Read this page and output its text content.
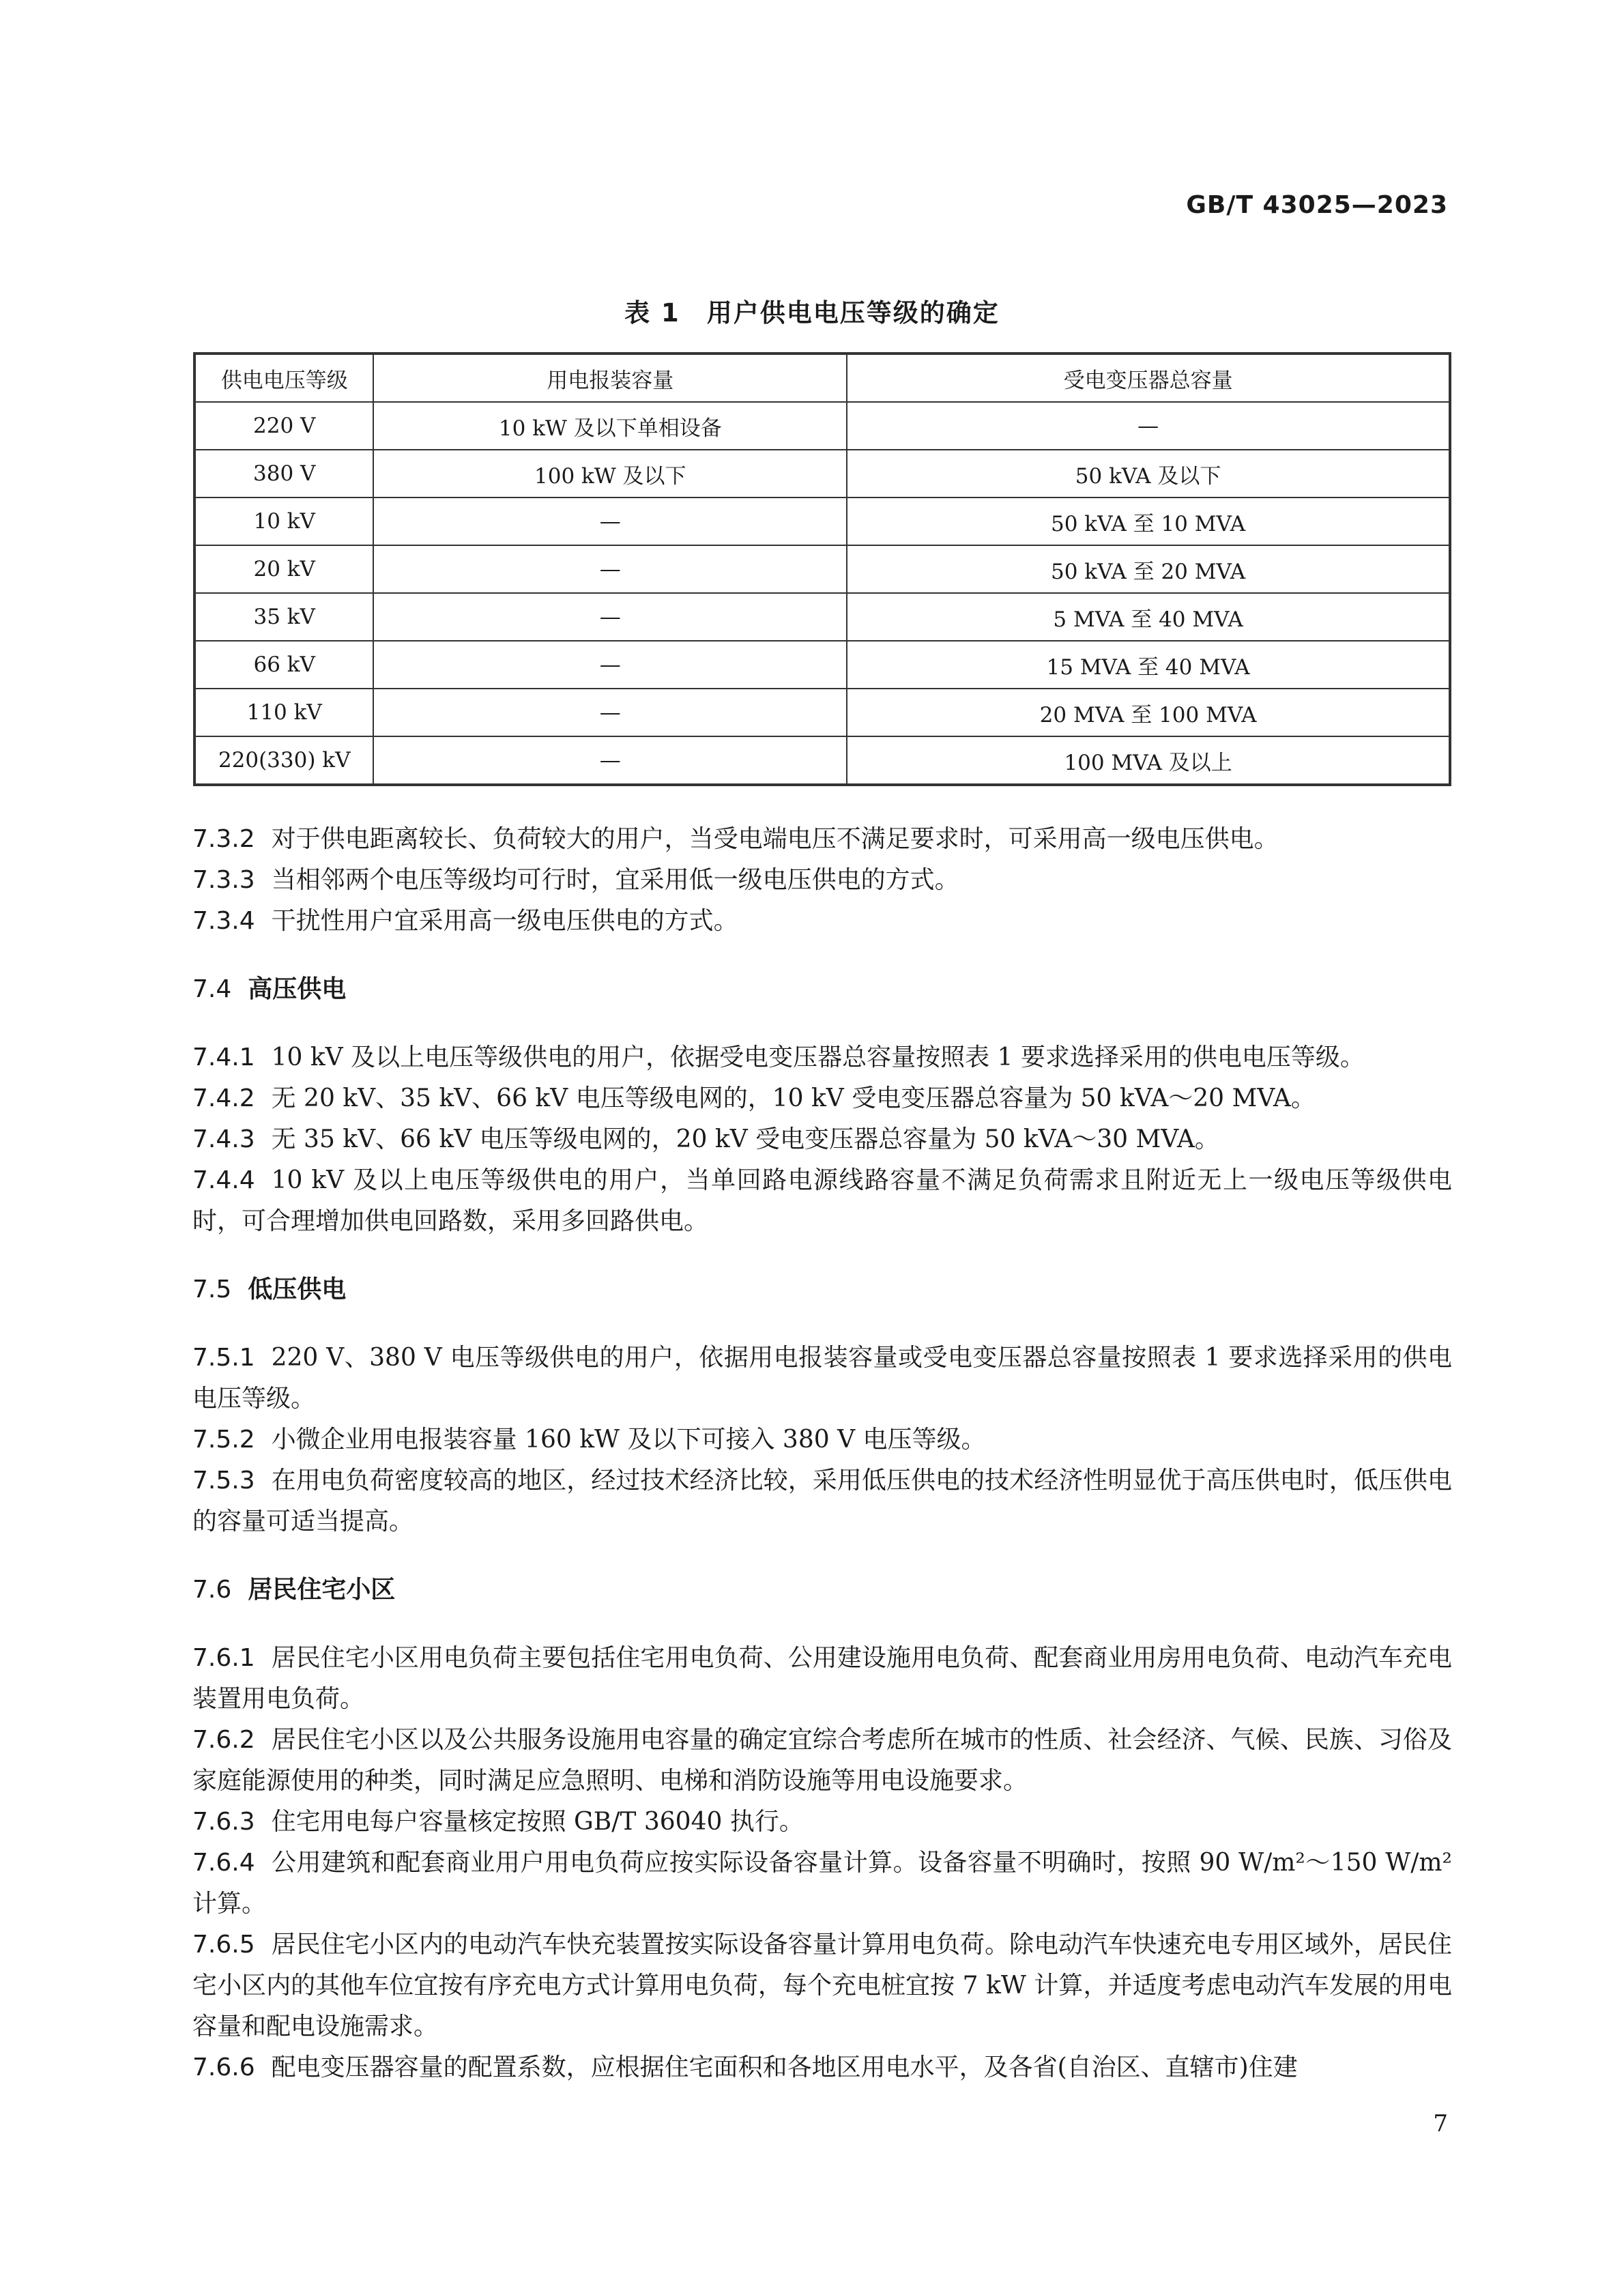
GB/T 43025—2023
表 1　用户供电电压等级的确定
供电电压等级	用电报装容量	受电变压器总容量
220 V	10 kW 及以下单相设备	—
380 V	100 kW 及以下	50 kVA 及以下
10 kV	—	50 kVA 至 10 MVA
20 kV	—	50 kVA 至 20 MVA
35 kV	—	5 MVA 至 40 MVA
66 kV	—	15 MVA 至 40 MVA
110 kV	—	20 MVA 至 100 MVA
220(330) kV	—	100 MVA 及以上

7.3.2 对于供电距离较长、负荷较大的用户，当受电端电压不满足要求时，可采用高一级电压供电。

7.3.3 当相邻两个电压等级均可行时，宜采用低一级电压供电的方式。

7.3.4 干扰性用户宜采用高一级电压供电的方式。

7.4 高压供电

7.4.1 10 kV 及以上电压等级供电的用户，依据受电变压器总容量按照表 1 要求选择采用的供电电压等级。

7.4.2 无 20 kV、35 kV、66 kV 电压等级电网的，10 kV 受电变压器总容量为 50 kVA～20 MVA。

7.4.3 无 35 kV、66 kV 电压等级电网的，20 kV 受电变压器总容量为 50 kVA～30 MVA。

7.4.4 10 kV 及以上电压等级供电的用户，当单回路电源线路容量不满足负荷需求且附近无上一级电压等级供电时，可合理增加供电回路数，采用多回路供电。

7.5 低压供电

7.5.1 220 V、380 V 电压等级供电的用户，依据用电报装容量或受电变压器总容量按照表 1 要求选择采用的供电电压等级。

7.5.2 小微企业用电报装容量 160 kW 及以下可接入 380 V 电压等级。

7.5.3 在用电负荷密度较高的地区，经过技术经济比较，采用低压供电的技术经济性明显优于高压供电时，低压供电的容量可适当提高。

7.6 居民住宅小区

7.6.1 居民住宅小区用电负荷主要包括住宅用电负荷、公用建设施用电负荷、配套商业用房用电负荷、电动汽车充电装置用电负荷。

7.6.2 居民住宅小区以及公共服务设施用电容量的确定宜综合考虑所在城市的性质、社会经济、气候、民族、习俗及家庭能源使用的种类，同时满足应急照明、电梯和消防设施等用电设施要求。

7.6.3 住宅用电每户容量核定按照 GB/T 36040 执行。

7.6.4 公用建筑和配套商业用户用电负荷应按实际设备容量计算。设备容量不明确时，按照 90 W/m²～150 W/m² 计算。

7.6.5 居民住宅小区内的电动汽车快充装置按实际设备容量计算用电负荷。除电动汽车快速充电专用区域外，居民住宅小区内的其他车位宜按有序充电方式计算用电负荷，每个充电桩宜按 7 kW 计算，并适度考虑电动汽车发展的用电容量和配电设施需求。

7.6.6 配电变压器容量的配置系数，应根据住宅面积和各地区用电水平，及各省(自治区、直辖市)住建

7
